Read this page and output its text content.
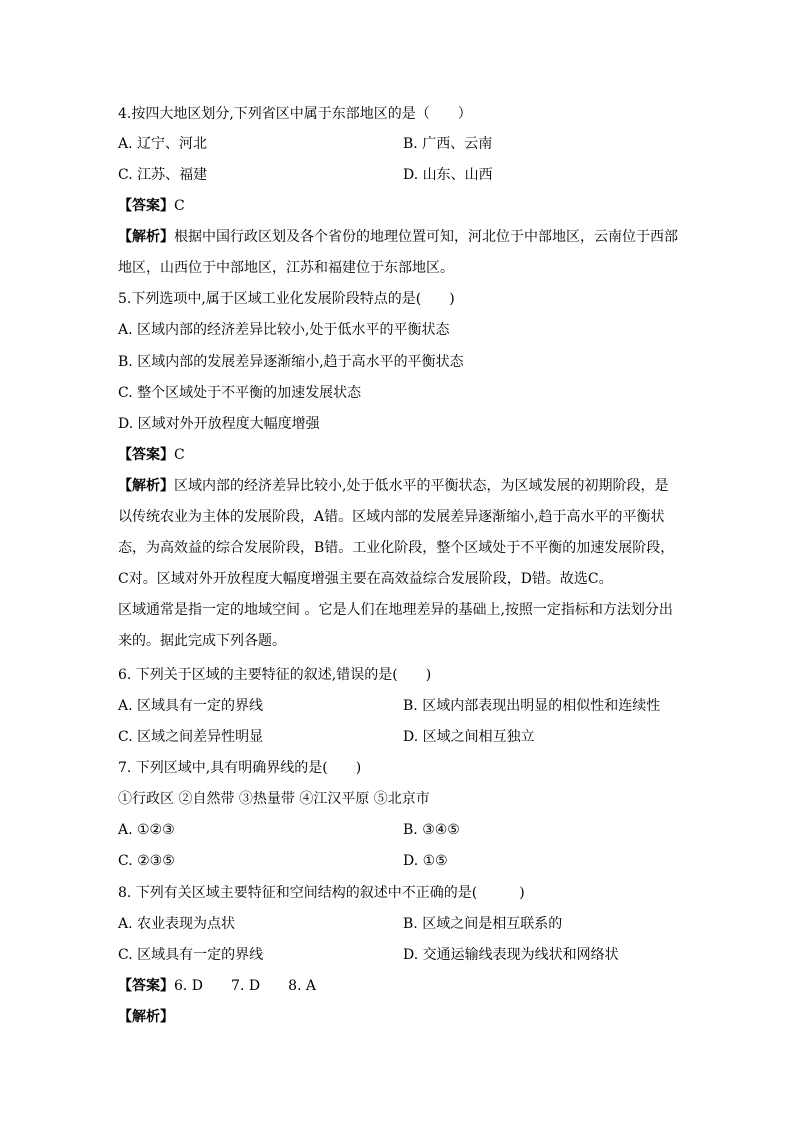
4.按四大地区划分,下列省区中属于东部地区的是（　　）
A. 辽宁、河北	B. 广西、云南
C. 江苏、福建	D. 山东、山西
【答案】C
【解析】根据中国行政区划及各个省份的地理位置可知，河北位于中部地区，云南位于西部地区，山西位于中部地区，江苏和福建位于东部地区。
5.下列选项中,属于区域工业化发展阶段特点的是(　　)
A. 区域内部的经济差异比较小,处于低水平的平衡状态
B. 区域内部的发展差异逐渐缩小,趋于高水平的平衡状态
C. 整个区域处于不平衡的加速发展状态
D. 区域对外开放程度大幅度增强
【答案】C
【解析】区域内部的经济差异比较小,处于低水平的平衡状态，为区域发展的初期阶段，是以传统农业为主体的发展阶段，A错。区域内部的发展差异逐渐缩小,趋于高水平的平衡状态，为高效益的综合发展阶段，B错。工业化阶段，整个区域处于不平衡的加速发展阶段，C对。区域对外开放程度大幅度增强主要在高效益综合发展阶段，D错。故选C。
区域通常是指一定的地域空间 。它是人们在地理差异的基础上,按照一定指标和方法划分出来的。据此完成下列各题。
6. 下列关于区域的主要特征的叙述,错误的是(　　)
A. 区域具有一定的界线	B. 区域内部表现出明显的相似性和连续性
C. 区域之间差异性明显	D. 区域之间相互独立
7. 下列区域中,具有明确界线的是(　　)
①行政区 ②自然带 ③热量带 ④江汉平原 ⑤北京市
A. ①②③	B. ③④⑤
C. ②③⑤	D. ①⑤
8. 下列有关区域主要特征和空间结构的叙述中不正确的是(　　　)
A. 农业表现为点状	B. 区域之间是相互联系的
C. 区域具有一定的界线	D. 交通运输线表现为线状和网络状
【答案】6. D　　7. D　　8. A
【解析】
